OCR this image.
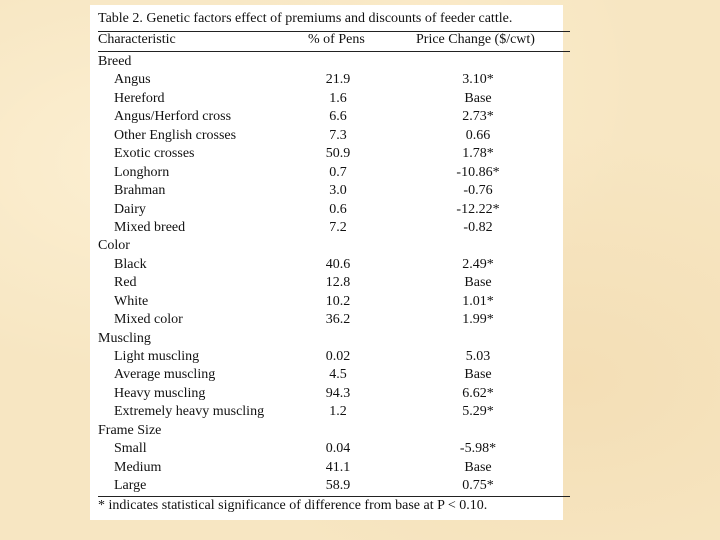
Table 2. Genetic factors effect of premiums and discounts of feeder cattle.
Characteristic	% of Pens	Price Change ($/cwt)
Breed
Angus	21.9	3.10*
Hereford	1.6	Base
Angus/Herford cross	6.6	2.73*
Other English crosses	7.3	0.66
Exotic crosses	50.9	1.78*
Longhorn	0.7	-10.86*
Brahman	3.0	-0.76
Dairy	0.6	-12.22*
Mixed breed	7.2	-0.82
Color
Black	40.6	2.49*
Red	12.8	Base
White	10.2	1.01*
Mixed color	36.2	1.99*
Muscling
Light muscling	0.02	5.03
Average muscling	4.5	Base
Heavy muscling	94.3	6.62*
Extremely heavy muscling	1.2	5.29*
Frame Size
Small	0.04	-5.98*
Medium	41.1	Base
Large	58.9	0.75*
* indicates statistical significance of difference from base at P < 0.10.
